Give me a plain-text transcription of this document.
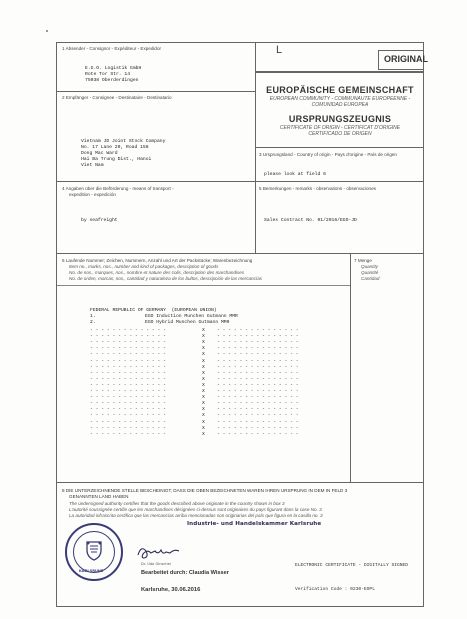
1 Absender - Consignor - Expéditeur - Expedidor
E.G.O. Logistik GmbH
Rote Tor Str. 14
75038 Oberderdingen
L
ORIGINAL
2 Empfänger - Consignee - Destinataire - Destinatario
Vietnam JD Joint Stock Company
No. 17 Lane 20, Road 158
Dong Mac Ward
Hai Ba Trung Dist., Hanoi
Viet Nam
EUROPÄISCHE GEMEINSCHAFT
EUROPEAN COMMUNITY - COMMUNAUTE EUROPEENNE -
COMUNIDAD EUROPEA
URSPRUNGSZEUGNIS
CERTIFICATE OF ORIGIN - CERTIFICAT D'ORIGINE
CERTIFICADO DE ORIGEN
3 Ursprungsland - Country of origin - Pays d'origine - País de origen
please look at field 6
4 Angaben über die Beförderung - means of transport -
expedition - expedición
by seafreight
5 Bemerkungen - remarks - observations - observaciones
Sales Contract No. 01/2016/EGO-JD
6 Laufende Nummer; Zeichen, Nummern, Anzahl und Art der Packstücke; Warenbezeichnung
Item no., marks, nos., number and kind of packages, description of goods
No. de nos., marques, nos., nombre et nature des colis, description des marchandises
No. de orden, marcas, nos., cantidad y naturaleza de los bultos, descripción de las mercancías
FEDERAL REPUBLIC OF GERMANY  (EUROPEAN UNION)
1.	EGO Induction Munchen Gutmann MMR
2.	EGO Hybrid Munchen Gutmann MM9
- - - - - - - - - - - - - -	X	- - - - - - - - - - - - - - -
- - - - - - - - - - - - - -	X	- - - - - - - - - - - - - - -
- - - - - - - - - - - - - -	X	- - - - - - - - - - - - - - -
- - - - - - - - - - - - - -	X	- - - - - - - - - - - - - - -
- - - - - - - - - - - - - -	X	- - - - - - - - - - - - - - -
- - - - - - - - - - - - - -	X	- - - - - - - - - - - - - - -
- - - - - - - - - - - - - -	X	- - - - - - - - - - - - - - -
- - - - - - - - - - - - - -	X	- - - - - - - - - - - - - - -
- - - - - - - - - - - - - -	X	- - - - - - - - - - - - - - -
- - - - - - - - - - - - - -	X	- - - - - - - - - - - - - - -
- - - - - - - - - - - - - -	X	- - - - - - - - - - - - - - -
- - - - - - - - - - - - - -	X	- - - - - - - - - - - - - - -
- - - - - - - - - - - - - -	X	- - - - - - - - - - - - - - -
- - - - - - - - - - - - - -	X	- - - - - - - - - - - - - - -
- - - - - - - - - - - - - -	X	- - - - - - - - - - - - - - -
- - - - - - - - - - - - - -	X	- - - - - - - - - - - - - - -
- - - - - - - - - - - - - -	X	- - - - - - - - - - - - - - -
- - - - - - - - - - - - - -	X	- - - - - - - - - - - - - - -
7 Menge
Quantity
Quantité
Cantidad
8 DIE UNTERZEICHNENDE STELLE BESCHEINIGT, DASS DIE OBEN BEZEICHNETEN WAREN IHREN URSPRUNG IN DEM IN FELD 3
GENANNTEN LAND HABEN
The undersigned authority certifies that the goods described above originate in the country shown in box 3
L'autorité soussignée certifie que les marchandises désignées ci-dessus sont originaires du pays figurant dans la case No. 3
La autoridad infrascrita certifica que las mercancías arriba mencionadas son originarias del país que figura en la casilla no. 3
Industrie- und Handelskammer Karlsruhe
KARLSRUHE
Dr. Udo Ginschel
Bearbeitet durch: Claudia Wisser
Karlsruhe, 30.06.2016
ELECTRONIC CERTIFICATE - DIGITALLY SIGNED
Verification Code : 0230-EOPL
